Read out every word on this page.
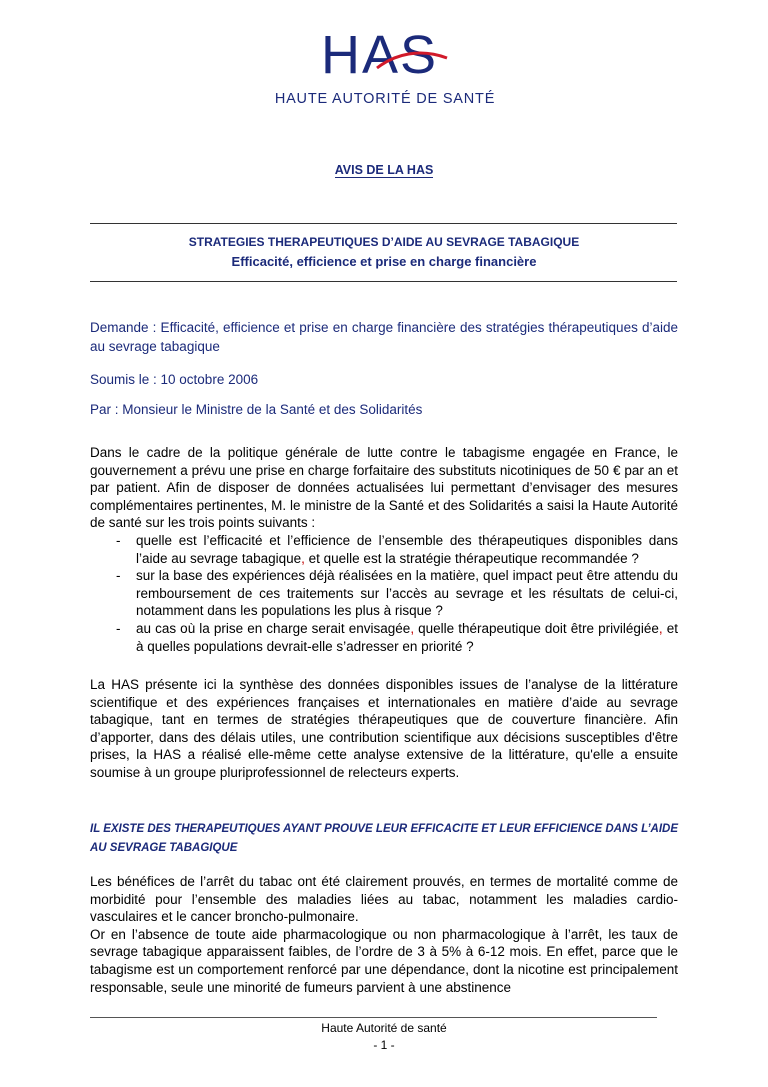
HAS
HAUTE AUTORITÉ DE SANTÉ
AVIS DE LA HAS
STRATEGIES THERAPEUTIQUES D’AIDE AU SEVRAGE TABAGIQUE
Efficacité, efficience et prise en charge financière
Demande : Efficacité, efficience et prise en charge financière des stratégies thérapeutiques d’aide au sevrage tabagique
Soumis le : 10 octobre 2006
Par : Monsieur le Ministre de la Santé et des Solidarités

Dans le cadre de la politique générale de lutte contre le tabagisme engagée en France, le gouvernement a prévu une prise en charge forfaitaire des substituts nicotiniques de 50 € par an et par patient. Afin de disposer de données actualisées lui permettant d’envisager des mesures complémentaires pertinentes, M. le ministre de la Santé et des Solidarités a saisi la Haute Autorité de santé sur les trois points suivants :

- quelle est l’efficacité et l’efficience de l’ensemble des thérapeutiques disponibles dans l’aide au sevrage tabagique, et quelle est la stratégie thérapeutique recommandée ?
- sur la base des expériences déjà réalisées en la matière, quel impact peut être attendu du remboursement de ces traitements sur l’accès au sevrage et les résultats de celui-ci, notamment dans les populations les plus à risque ?
- au cas où la prise en charge serait envisagée, quelle thérapeutique doit être privilégiée, et à quelles populations devrait-elle s’adresser en priorité ?
La HAS présente ici la synthèse des données disponibles issues de l’analyse de la littérature scientifique et des expériences françaises et internationales en matière d’aide au sevrage tabagique, tant en termes de stratégies thérapeutiques que de couverture financière. Afin d’apporter, dans des délais utiles, une contribution scientifique aux décisions susceptibles d'être prises, la HAS a réalisé elle-même cette analyse extensive de la littérature, qu'elle a ensuite soumise à un groupe pluriprofessionnel de relecteurs experts.
IL EXISTE DES THERAPEUTIQUES AYANT PROUVE LEUR EFFICACITE ET LEUR EFFICIENCE DANS L’AIDE AU SEVRAGE TABAGIQUE

Les bénéfices de l’arrêt du tabac ont été clairement prouvés, en termes de mortalité comme de morbidité pour l’ensemble des maladies liées au tabac, notamment les maladies cardio-vasculaires et le cancer broncho-pulmonaire.

Or en l’absence de toute aide pharmacologique ou non pharmacologique à l’arrêt, les taux de sevrage tabagique apparaissent faibles, de l’ordre de 3 à 5% à 6-12 mois. En effet, parce que le tabagisme est un comportement renforcé par une dépendance, dont la nicotine est principalement responsable, seule une minorité de fumeurs parvient à une abstinence

Haute Autorité de santé
- 1 -
